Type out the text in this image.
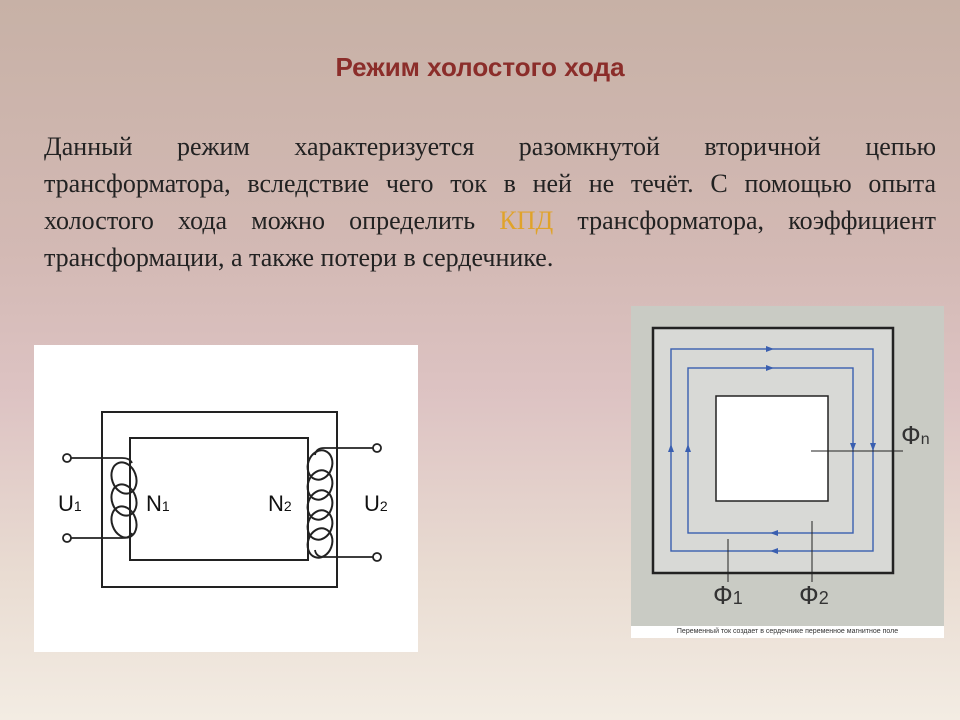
Режим холостого хода

Данный режим характеризуется разомкнутой вторичной цепью трансформатора, вследствие чего ток в ней не течёт. С помощью опыта холостого хода можно определить КПД трансформатора, коэффициент трансформации, а также потери в сердечнике.

U1	N1	N2	U2
Фn
Ф1 Ф2
Переменный ток создает в сердечнике переменное магнитное поле
